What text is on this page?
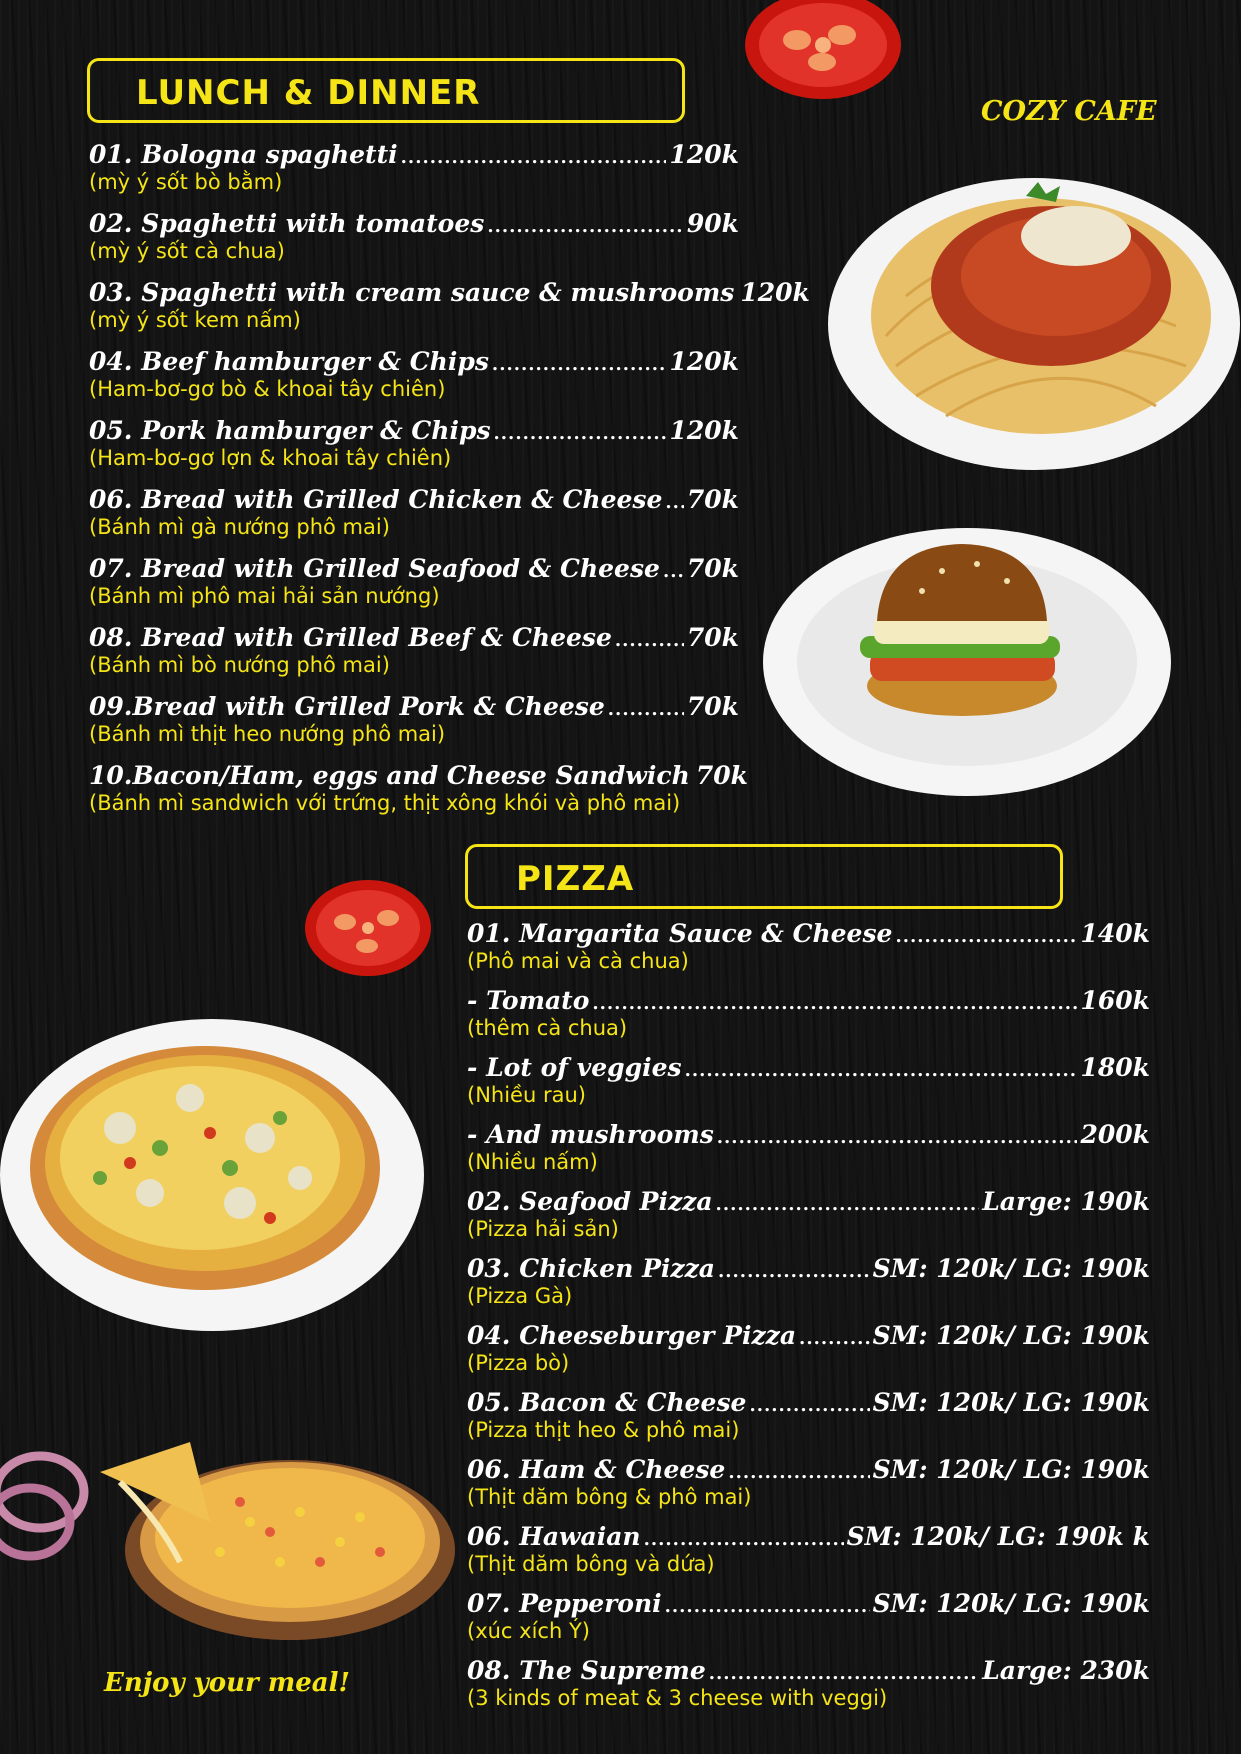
LUNCH & DINNER	COZY CAFE
01. Bologna spaghetti .....	120k
(mỳ ý sốt bò bằm)
02. Spaghetti with tomatoes .....	90k
(mỳ ý sốt cà chua)
03. Spaghetti with cream sauce & mushrooms 120k
(mỳ ý sốt kem nấm)
04. Beef hamburger & Chips .....	120k
(Ham-bơ-gơ bò & khoai tây chiên)
05. Pork hamburger & Chips .....	120k
(Ham-bơ-gơ lợn & khoai tây chiên)
06. Bread with Grilled Chicken & Cheese ..... 70k
(Bánh mì gà nướng phô mai)
07. Bread with Grilled Seafood & Cheese ..... 70k
(Bánh mì phô mai hải sản nướng)
08. Bread with Grilled Beef & Cheese .....	70k
(Bánh mì bò nướng phô mai)
09.Bread with Grilled Pork & Cheese .....	70k
(Bánh mì thịt heo nướng phô mai)
10.Bacon/Ham, eggs and Cheese Sandwich 70k
(Bánh mì sandwich với trứng, thịt xông khói và phô mai)
PIZZA
01. Margarita Sauce & Cheese .....	140k
(Phô mai và cà chua)
- Tomato .....	160k
(thêm cà chua)
- Lot of veggies .....	180k
(Nhiều rau)
- And mushrooms .....	200k
(Nhiều nấm)
02. Seafood Pizza .....	Large: 190k
(Pizza hải sản)
03. Chicken Pizza .....	SM: 120k/ LG: 190k
(Pizza Gà)
04. Cheeseburger Pizza .....	SM: 120k/ LG: 190k
(Pizza bò)
05. Bacon & Cheese .....	SM: 120k/ LG: 190k
(Pizza thịt heo & phô mai)
06. Ham & Cheese .....	SM: 120k/ LG: 190k
(Thịt dăm bông & phô mai)
06. Hawaian .....	SM: 120k/ LG: 190k k
(Thịt dăm bông và dứa)
07. Pepperoni .....	SM: 120k/ LG: 190k
(xúc xích Ý)
08. The Supreme .....	Large: 230k
(3 kinds of meat & 3 cheese with veggi)
Enjoy your meal!
